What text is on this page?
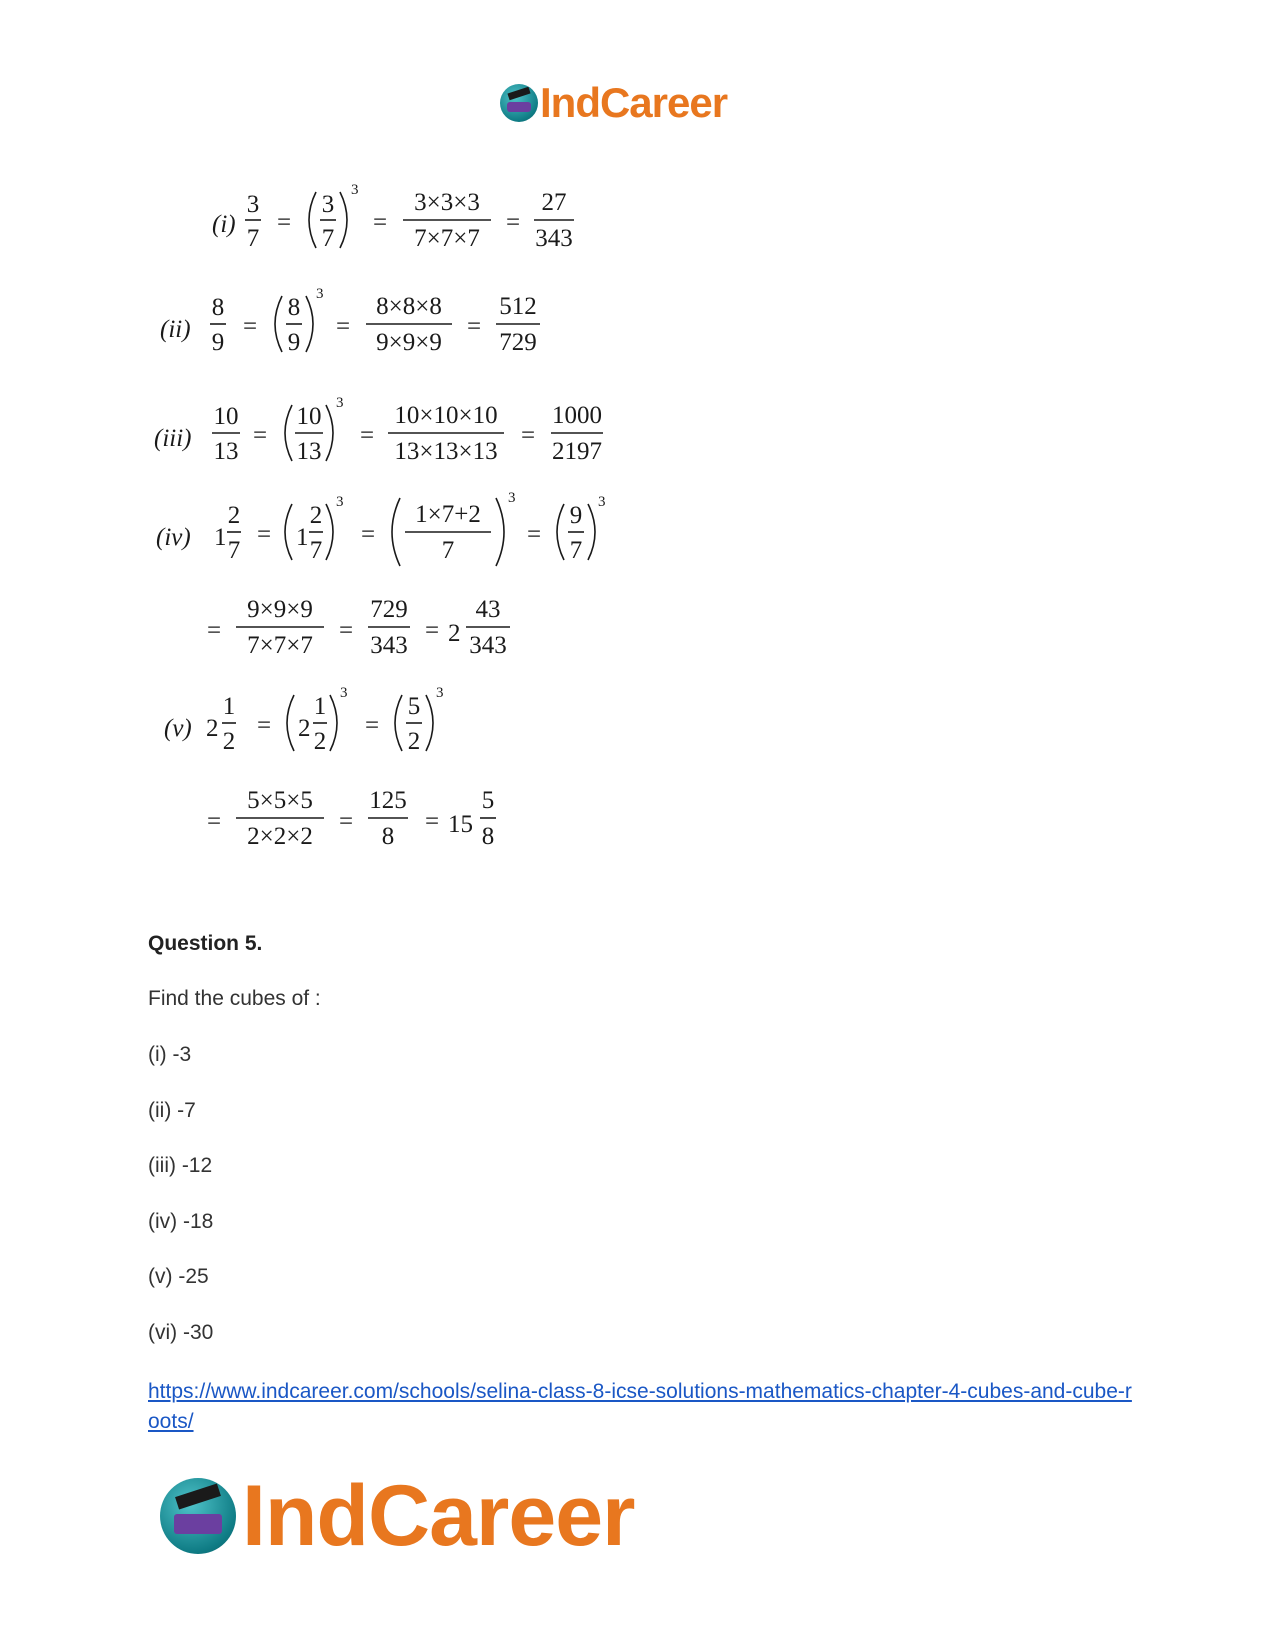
IndCareer
(i)
3
7
=
3
7
3
=
3×3×3
7×7×7
=
27
343
(ii)
8
9
=
8
9
3
=
8×8×8
9×9×9
=
512
729
(iii)
10
13
=
10
13
3
=
10×10×10
13×13×13
=
1000
2197
(iv) 1
2
7
= 1
2
7
3
=
1×7+2
7
3
=
9
7
3
=
9×9×9
7×7×7
=
729
343
= 2
43
343
(v) 2
1
2
= 2
1
2
3
=
5
2
3
=
5×5×5
2×2×2
=
125
8
= 15
5
8
Question 5.
Find the cubes of :
(i) -3
(ii) -7
(iii) -12
(iv) -18
(v) -25
(vi) -30
https://www.indcareer.com/schools/selina-class-8-icse-solutions-mathematics-chapter-4-cubes-and-cube-roots/
IndCareer
